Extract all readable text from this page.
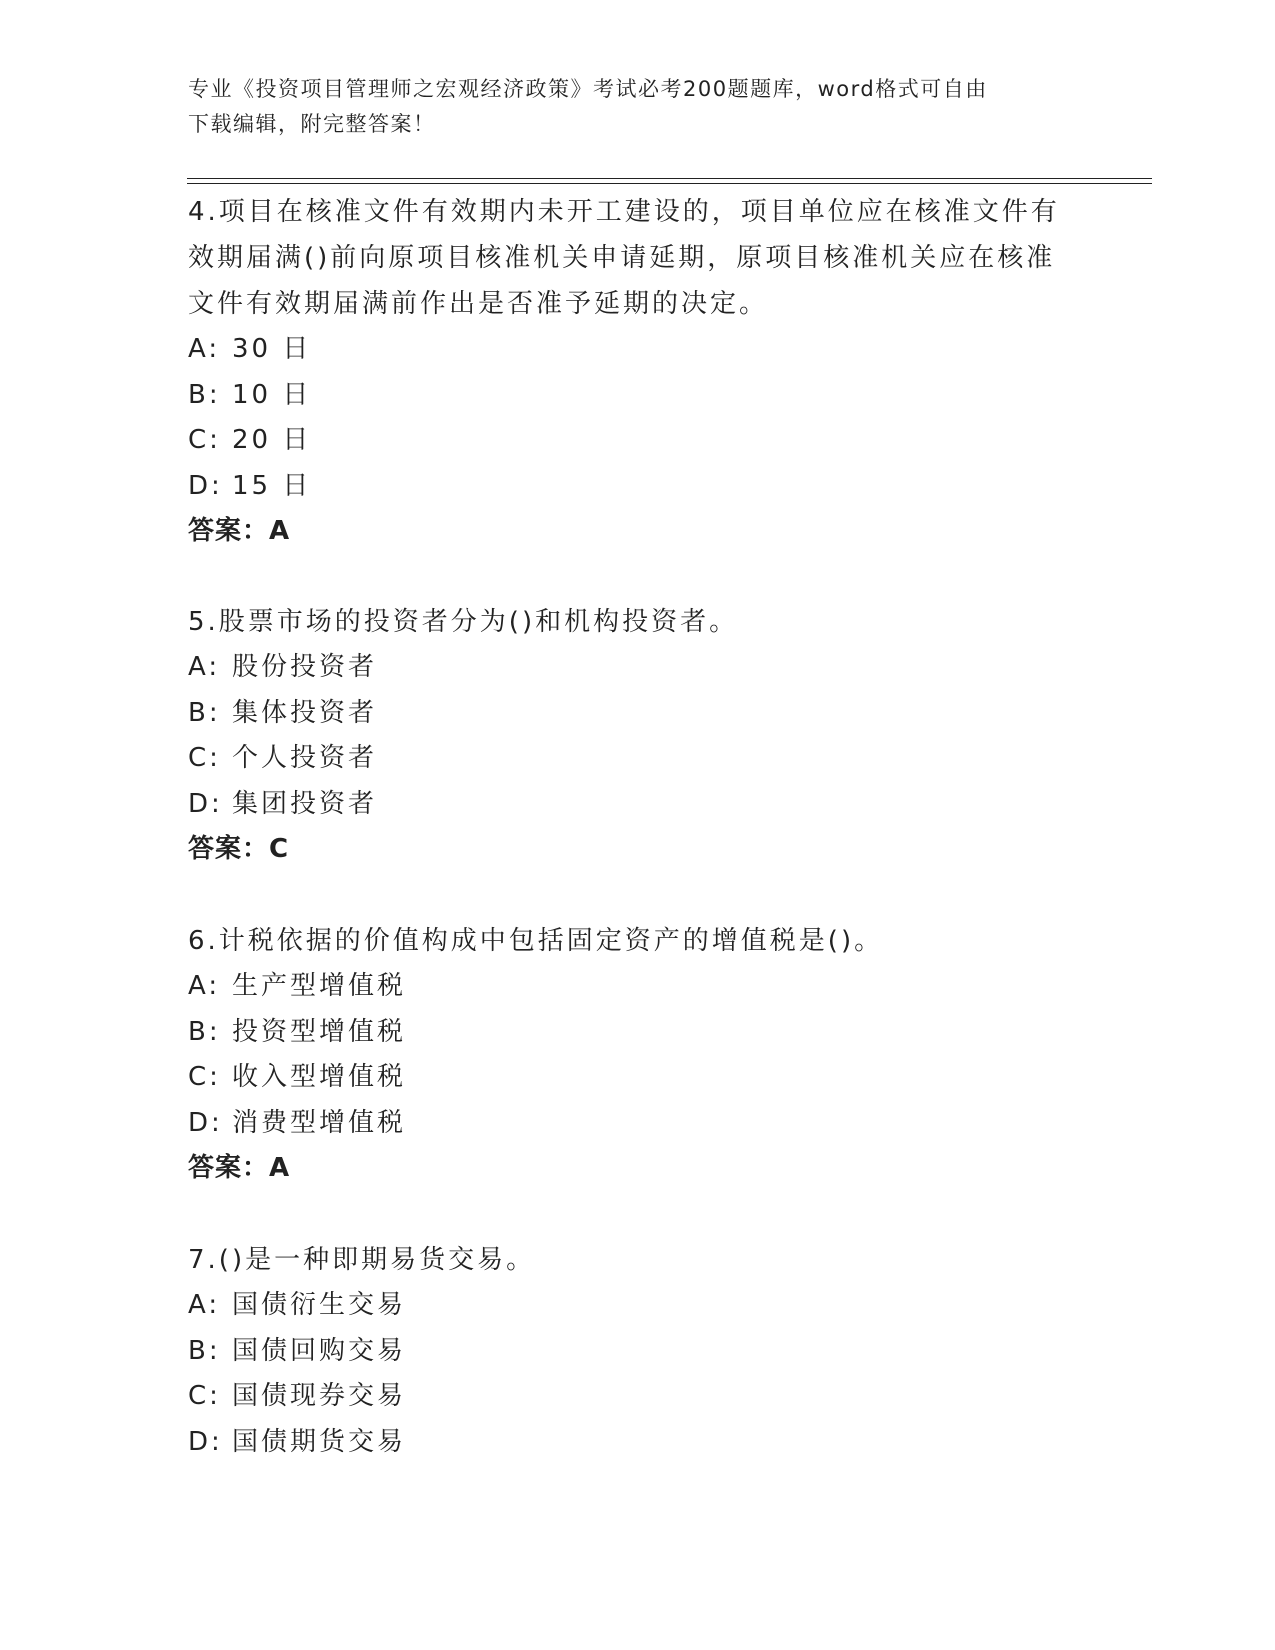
专业《投资项目管理师之宏观经济政策》考试必考200题题库，word格式可自由
下载编辑，附完整答案！
4.项目在核准文件有效期内未开工建设的，项目单位应在核准文件有
效期届满()前向原项目核准机关申请延期，原项目核准机关应在核准
文件有效期届满前作出是否准予延期的决定。
A: 30 日
B: 10 日
C: 20 日
D: 15 日
答案：A
5.股票市场的投资者分为()和机构投资者。
A: 股份投资者
B: 集体投资者
C: 个人投资者
D: 集团投资者
答案：C
6.计税依据的价值构成中包括固定资产的增值税是()。
A: 生产型增值税
B: 投资型增值税
C: 收入型增值税
D: 消费型增值税
答案：A
7.()是一种即期易货交易。
A: 国债衍生交易
B: 国债回购交易
C: 国债现券交易
D: 国债期货交易
